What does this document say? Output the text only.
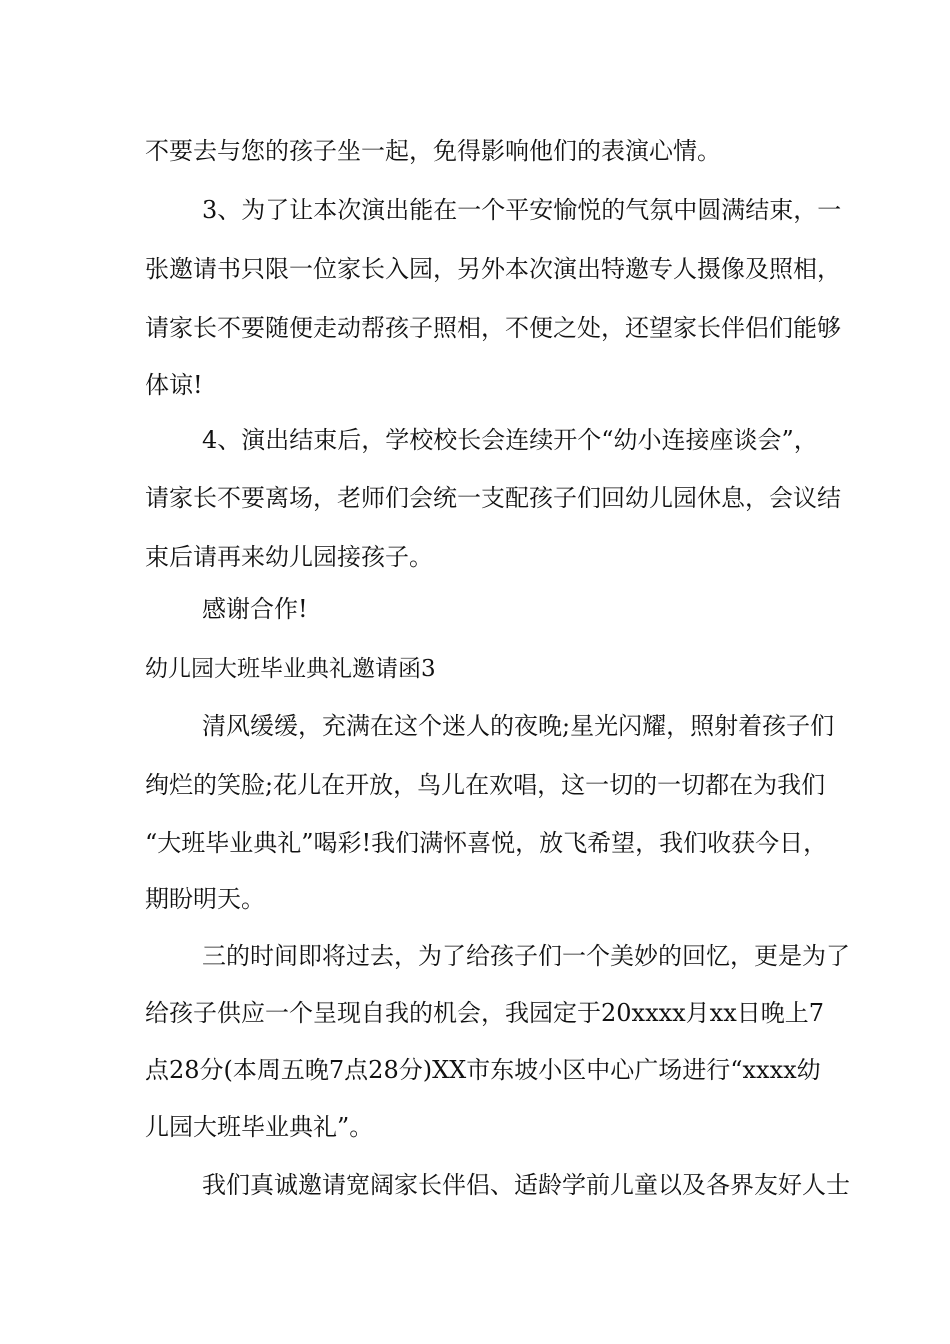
不要去与您的孩子坐一起，免得影响他们的表演心情。

3、为了让本次演出能在一个平安愉悦的气氛中圆满结束，一

张邀请书只限一位家长入园，另外本次演出特邀专人摄像及照相，

请家长不要随便走动帮孩子照相，不便之处，还望家长伴侣们能够

体谅!

4、演出结束后，学校校长会连续开个“幼小连接座谈会”，

请家长不要离场，老师们会统一支配孩子们回幼儿园休息，会议结

束后请再来幼儿园接孩子。

感谢合作!

幼儿园大班毕业典礼邀请函3

清风缓缓，充满在这个迷人的夜晚;星光闪耀，照射着孩子们

绚烂的笑脸;花儿在开放，鸟儿在欢唱，这一切的一切都在为我们

“大班毕业典礼”喝彩!我们满怀喜悦，放飞希望，我们收获今日，

期盼明天。

三的时间即将过去，为了给孩子们一个美妙的回忆，更是为了

给孩子供应一个呈现自我的机会，我园定于20xxxx月xx日晚上7

点28分(本周五晚7点28分)XX市东坡小区中心广场进行“xxxx幼

儿园大班毕业典礼”。

我们真诚邀请宽阔家长伴侣、适龄学前儿童以及各界友好人士
